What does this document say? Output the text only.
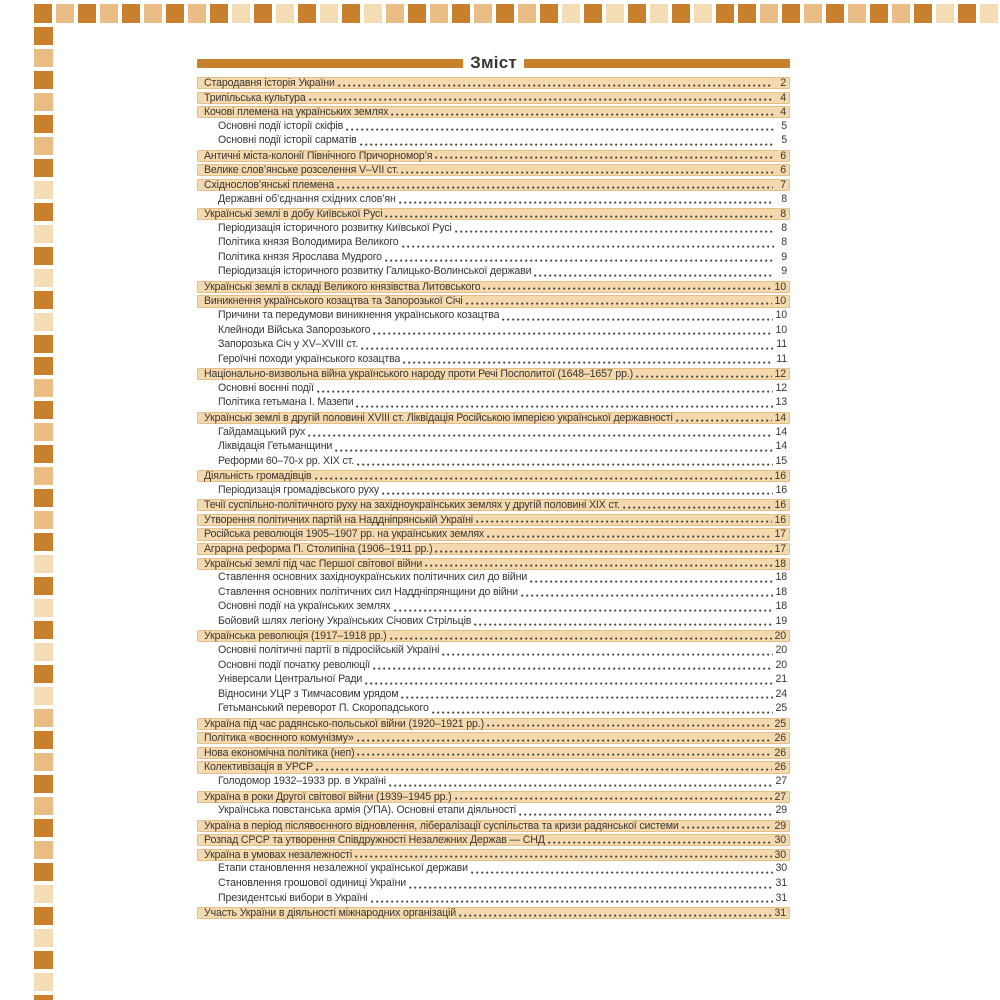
Зміст
Стародавня історія України	2
Трипільська культура	4
Кочові племена на українських землях	4
Основні події історії скіфів	5
Основні події історії сарматів	5
Античні міста-колонії Північного Причорномор’я	6
Велике слов’янське розселення V–VII ст.	6
Східнослов’янські племена	7
Державні об’єднання східних слов’ян	8
Українські землі в добу Київської Русі	8
Періодизація історичного розвитку Київської Русі	8
Політика князя Володимира Великого	8
Політика князя Ярослава Мудрого	9
Періодизація історичного розвитку Галицько-Волинської держави	9
Українські землі в складі Великого князівства Литовського	10
Виникнення українського козацтва та Запорозької Січі	10
Причини та передумови виникнення українського козацтва	10
Клейноди Війська Запорозького	10
Запорозька Січ у XV–XVIII ст.	11
Героїчні походи українського козацтва	11
Національно-визвольна війна українського народу проти Речі Посполитої (1648–1657 рр.)	12
Основні воєнні події	12
Політика гетьмана І. Мазепи	13
Українські землі в другій половині XVIII ст. Ліквідація Російською імперією української державності	14
Гайдамацький рух	14
Ліквідація Гетьманщини	14
Реформи 60–70-х рр. XIX ст.	15
Діяльність громадівців	16
Періодизація громадівського руху	16
Течії суспільно-політичного руху на західноукраїнських землях у другій половині XIX ст.	16
Утворення політичних партій на Наддніпрянській Україні	16
Російська революція 1905–1907 рр. на українських землях	17
Аграрна реформа П. Столипіна (1906–1911 рр.)	17
Українські землі під час Першої світової війни	18
Ставлення основних західноукраїнських політичних сил до війни	18
Ставлення основних політичних сил Наддніпрянщини до війни	18
Основні події на українських землях	18
Бойовий шлях легіону Українських Січових Стрільців	19
Українська революція (1917–1918 рр.)	20
Основні політичні партії в підросійській Україні	20
Основні події початку революції	20
Універсали Центральної Ради	21
Відносини УЦР з Тимчасовим урядом	24
Гетьманський переворот П. Скоропадського	25
Україна під час радянсько-польської війни (1920–1921 рр.)	25
Політика «воєнного комунізму»	26
Нова економічна політика (неп)	26
Колективізація в УРСР	26
Голодомор 1932–1933 рр. в Україні	27
Україна в роки Другої світової війни (1939–1945 рр.)	27
Українська повстанська армія (УПА). Основні етапи діяльності	29
Україна в період післявоєнного відновлення, лібералізації суспільства та кризи радянської системи	29
Розпад СРСР та утворення Співдружності Незалежних Держав — СНД	30
Україна в умовах незалежності	30
Етапи становлення незалежної української держави	30
Становлення грошової одиниці України	31
Президентські вибори в Україні	31
Участь України в діяльності міжнародних організацій	31
